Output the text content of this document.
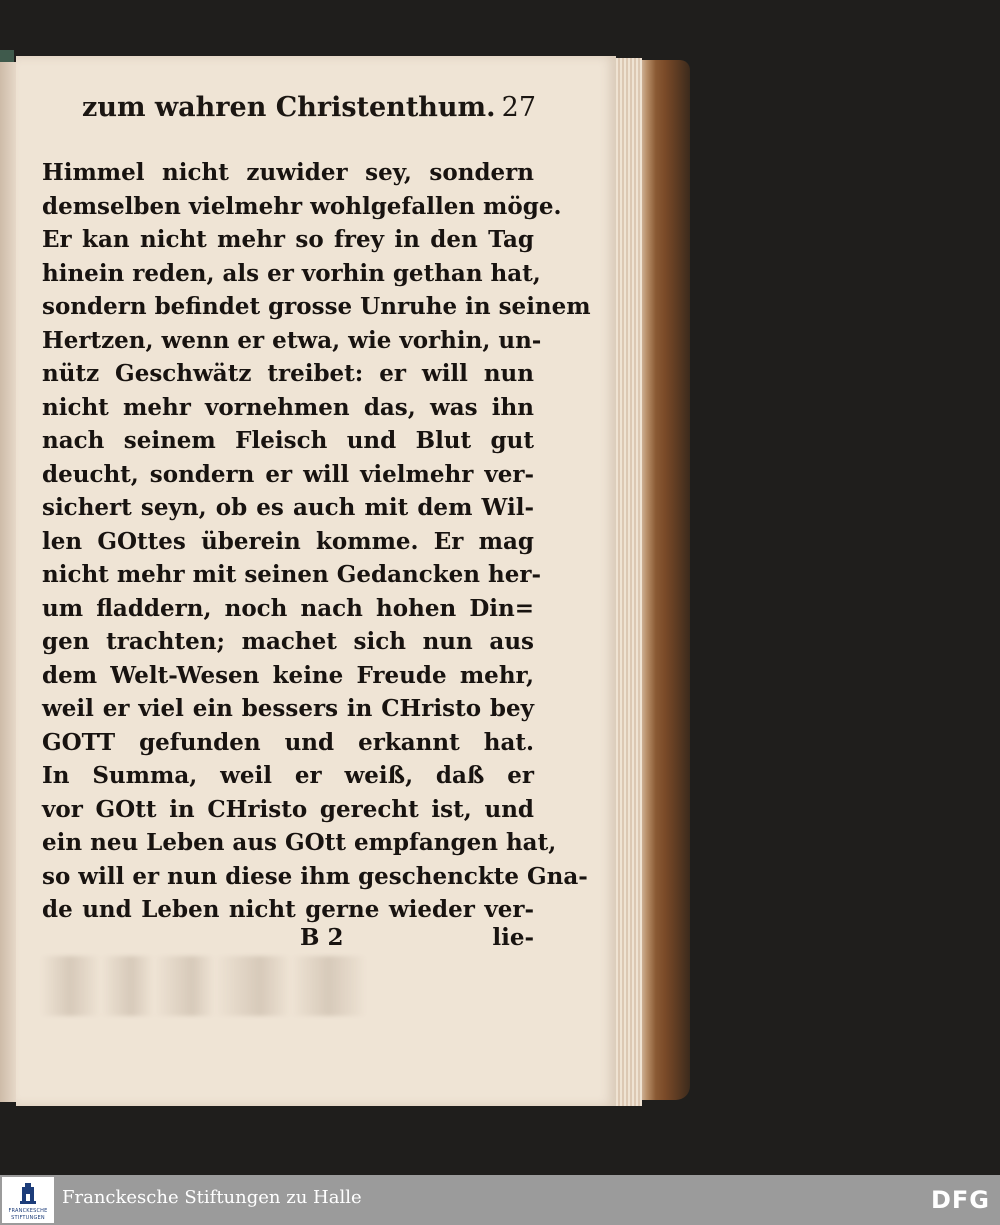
zum wahren Christenthum. 27
Himmel nicht zuwider sey, sondern
demselben vielmehr wohlgefallen möge.
Er kan nicht mehr so frey in den Tag
hinein reden, als er vorhin gethan hat,
sondern befindet grosse Unruhe in seinem
Hertzen, wenn er etwa, wie vorhin, un-
nütz Geschwätz treibet: er will nun
nicht mehr vornehmen das, was ihn
nach seinem Fleisch und Blut gut
deucht, sondern er will vielmehr ver-
sichert seyn, ob es auch mit dem Wil-
len GOttes überein komme. Er mag
nicht mehr mit seinen Gedancken her-
um fladdern, noch nach hohen Din=
gen trachten; machet sich nun aus
dem Welt-Wesen keine Freude mehr,
weil er viel ein bessers in CHristo bey
GOTT gefunden und erkannt hat.
In Summa, weil er weiß, daß er
vor GOtt in CHristo gerecht ist, und
ein neu Leben aus GOtt empfangen hat,
so will er nun diese ihm geschenckte Gna-
de und Leben nicht gerne wieder ver-
B 2	lie-
FRANCKESCHE
STIFTUNGEN
Franckesche Stiftungen zu Halle	DFG
